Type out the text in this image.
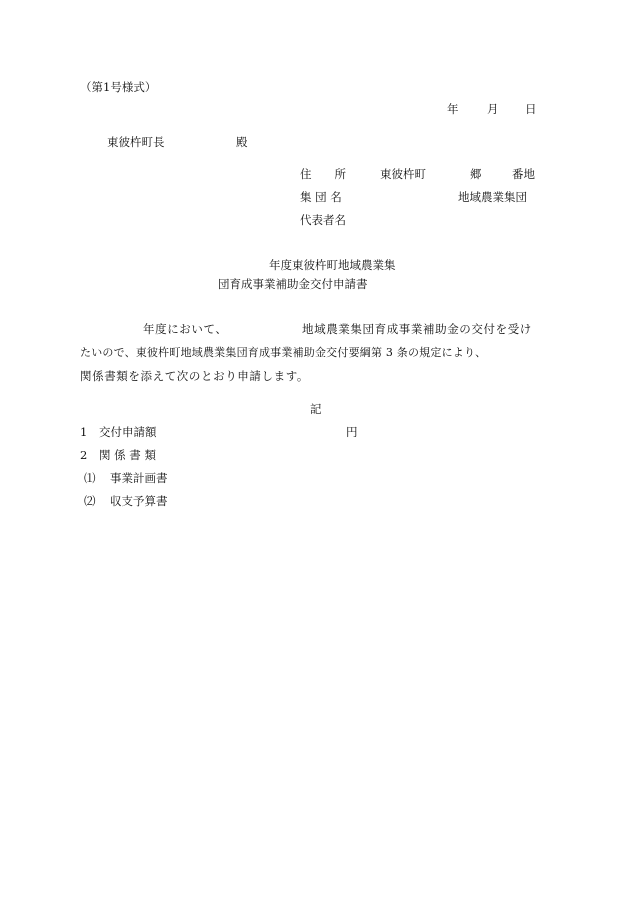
（第1号様式）
年 月 日
東彼杵町長	殿
住　　所	東彼杵町	郷	番地
集 団 名	地域農業集団
代表者名
年度東彼杵町地域農業集
団育成事業補助金交付申請書
年度において、	地域農業集団育成事業補助金の交付を受け
たいので、東彼杵町地域農業集団育成事業補助金交付要綱第 3 条の規定により、
関係書類を添えて次のとおり申請します。
記
1 交付申請額	円
2 関 係 書 類
⑴ 事業計画書
⑵ 収支予算書
